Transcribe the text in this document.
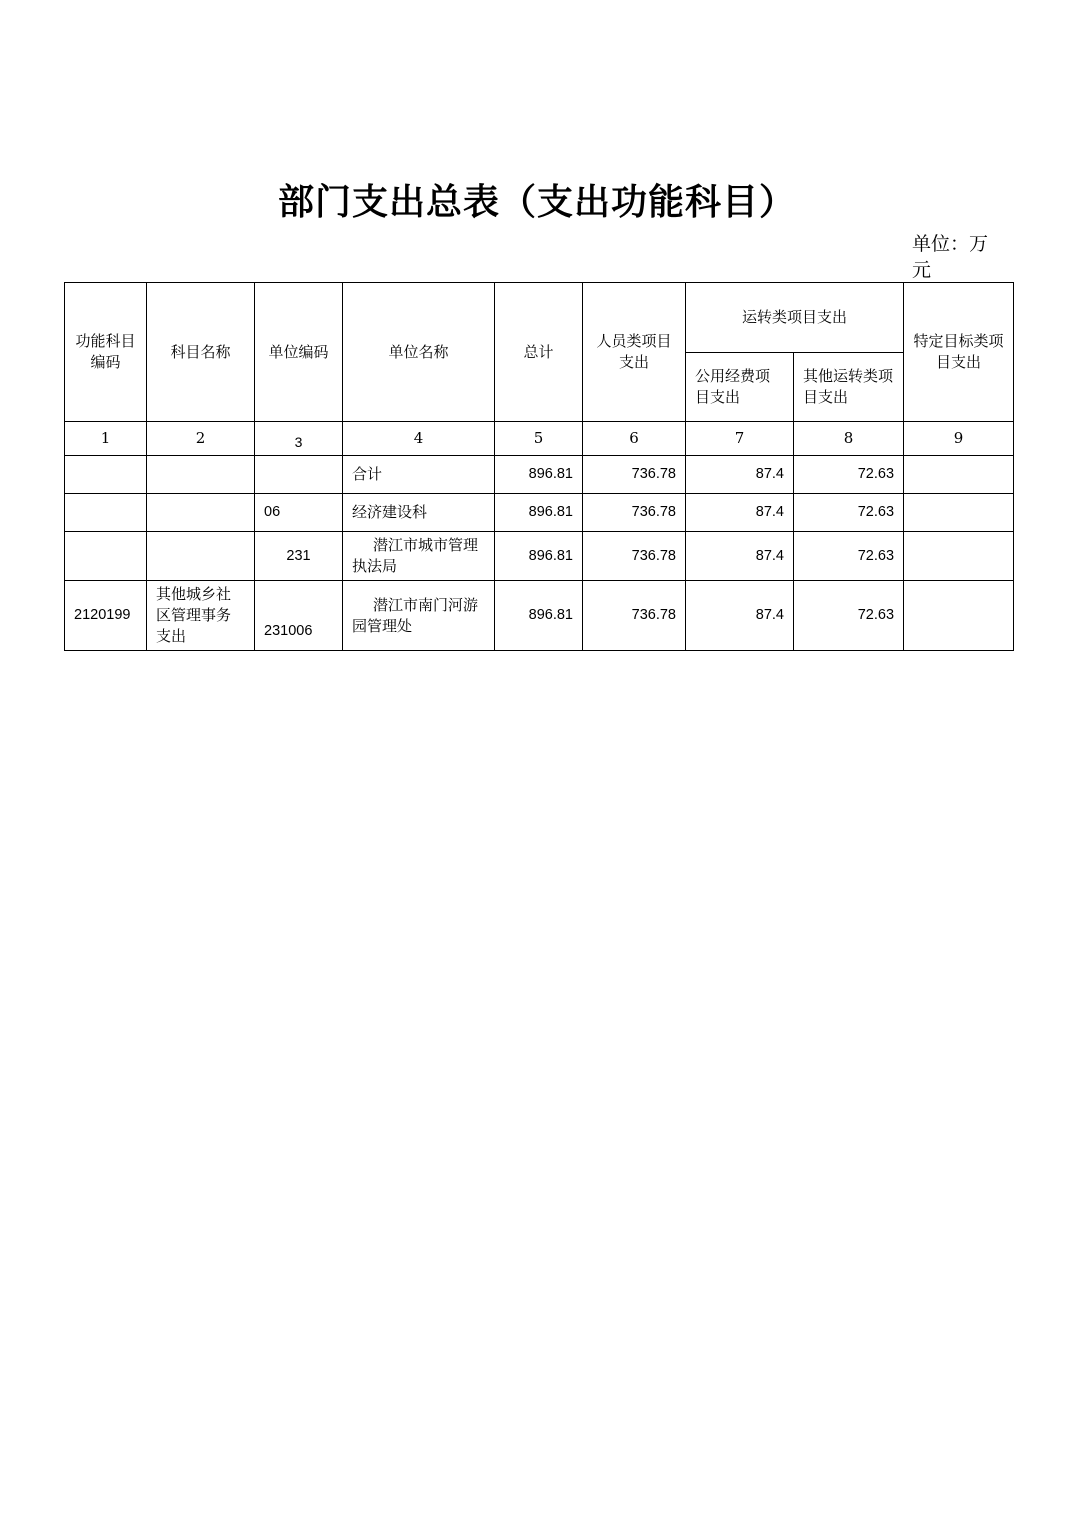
部门支出总表（支出功能科目）
单位：万元
功能科目编码	科目名称	单位编码	单位名称	总计	人员类项目支出	运转类项目支出		特定目标类项目支出
						公用经费项目支出	其他运转类项目支出	
1	2	3	4	5	6	7	8	9
			合计	896.81	736.78	87.4	72.63	
		06	经济建设科	896.81	736.78	87.4	72.63	
		231	潜江市城市管理执法局	896.81	736.78	87.4	72.63	
2120199	其他城乡社区管理事务支出	231006	潜江市南门河游园管理处	896.81	736.78	87.4	72.63	
